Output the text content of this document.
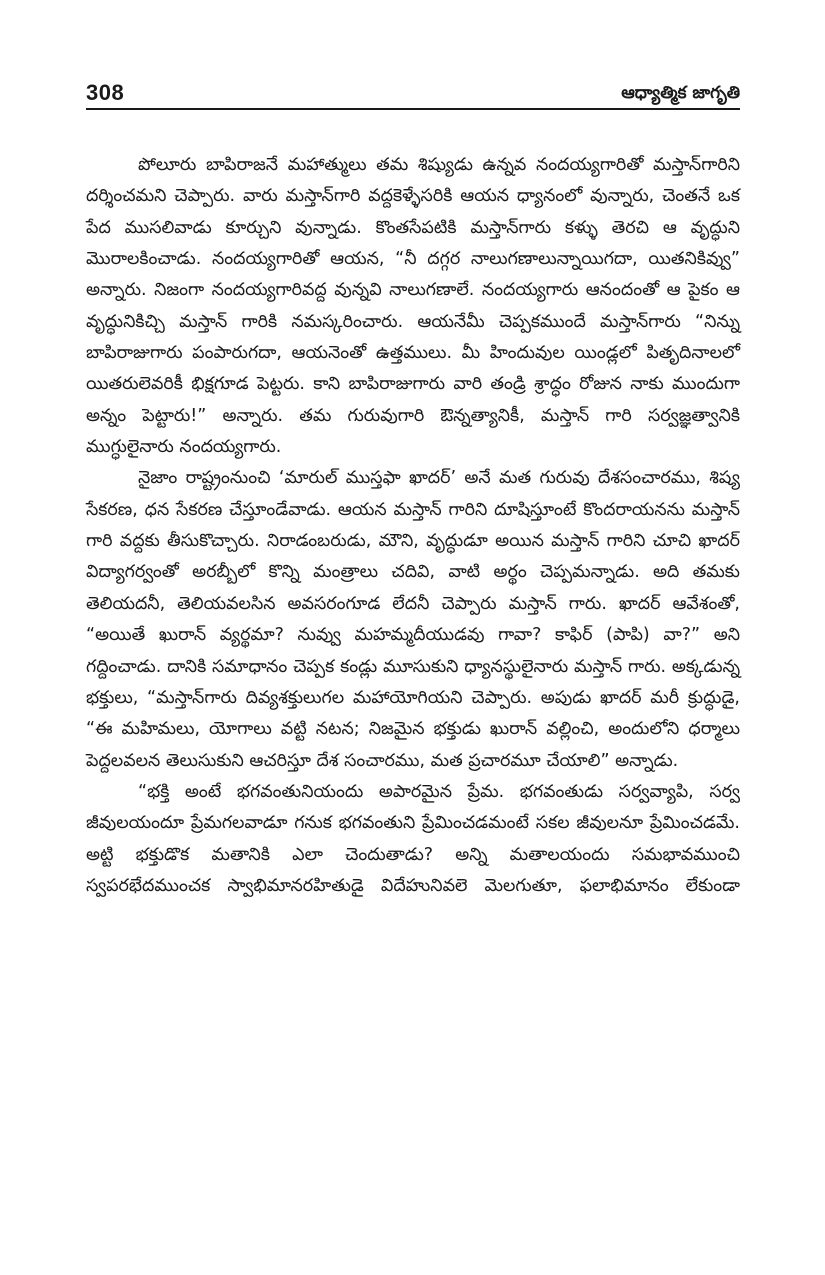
308	ఆధ్యాత్మిక జాగృతి

పోలూరు బాపిరాజనే మహాత్ములు తమ శిష్యుడు ఉన్నవ నందయ్యగారితో మస్తాన్‌గారిని దర్శించమని చెప్పారు. వారు మస్తాన్‌గారి వద్దకెళ్ళేసరికి ఆయన ధ్యానంలో వున్నారు, చెంతనే ఒక పేద ముసలివాడు కూర్చుని వున్నాడు. కొంతసేపటికి మస్తాన్‌గారు కళ్ళు తెరచి ఆ వృద్ధుని మొరాలకించాడు. నందయ్యగారితో ఆయన, “నీ దగ్గర నాలుగణాలున్నాయిగదా, యితనికివ్వు” అన్నారు. నిజంగా నందయ్యగారివద్ద వున్నవి నాలుగణాలే. నందయ్యగారు ఆనందంతో ఆ పైకం ఆ వృద్ధునికిచ్చి మస్తాన్ గారికి నమస్కరించారు. ఆయనేమీ చెప్పకముందే మస్తాన్‌గారు “నిన్ను బాపిరాజుగారు పంపారుగదా, ఆయనెంతో ఉత్తములు. మీ హిందువుల యిండ్లలో పితృదినాలలో యితరులెవరికీ భిక్షగూడ పెట్టరు. కాని బాపిరాజుగారు వారి తండ్రి శ్రాద్ధం రోజున నాకు ముందుగా అన్నం పెట్టారు!” అన్నారు. తమ గురువుగారి ఔన్నత్యానికీ, మస్తాన్ గారి సర్వజ్ఞత్వానికి ముగ్ధులైనారు నందయ్యగారు.

నైజాం రాష్ట్రంనుంచి ‘మారుల్ ముస్తఫా ఖాదర్’ అనే మత గురువు దేశసంచారము, శిష్య సేకరణ, ధన సేకరణ చేస్తూండేవాడు. ఆయన మస్తాన్ గారిని దూషిస్తూంటే కొందరాయనను మస్తాన్ గారి వద్దకు తీసుకొచ్చారు. నిరాడంబరుడు, మౌని, వృద్ధుడూ అయిన మస్తాన్ గారిని చూచి ఖాదర్ విద్యాగర్వంతో అరబ్బీలో కొన్ని మంత్రాలు చదివి, వాటి అర్థం చెప్పమన్నాడు. అది తమకు తెలియదనీ, తెలియవలసిన అవసరంగూడ లేదనీ చెప్పారు మస్తాన్ గారు. ఖాదర్ ఆవేశంతో, “అయితే ఖురాన్ వ్యర్థమా? నువ్వు మహమ్మదీయుడవు గావా? కాఫిర్ (పాపి) వా?” అని గద్దించాడు. దానికి సమాధానం చెప్పక కండ్లు మూసుకుని ధ్యానస్థులైనారు మస్తాన్ గారు. అక్కడున్న భక్తులు, “మస్తాన్‌గారు దివ్యశక్తులుగల మహాయోగియని చెప్పారు. అపుడు ఖాదర్ మరీ క్రుద్ధుడై, “ఈ మహిమలు, యోగాలు వట్టి నటన; నిజమైన భక్తుడు ఖురాన్ వల్లించి, అందులోని ధర్మాలు పెద్దలవలన తెలుసుకుని ఆచరిస్తూ దేశ సంచారము, మత ప్రచారమూ చేయాలి” అన్నాడు.

“భక్తి అంటే భగవంతునియందు అపారమైన ప్రేమ. భగవంతుడు సర్వవ్యాపి, సర్వ జీవులయందూ ప్రేమగలవాడూ గనుక భగవంతుని ప్రేమించడమంటే సకల జీవులనూ ప్రేమించడమే. అట్టి భక్తుడొక మతానికి ఎలా చెందుతాడు? అన్ని మతాలయందు సమభావముంచి స్వపరభేదముంచక స్వాభిమానరహితుడై విదేహునివలె మెలగుతూ, ఫలాభిమానం లేకుండా
